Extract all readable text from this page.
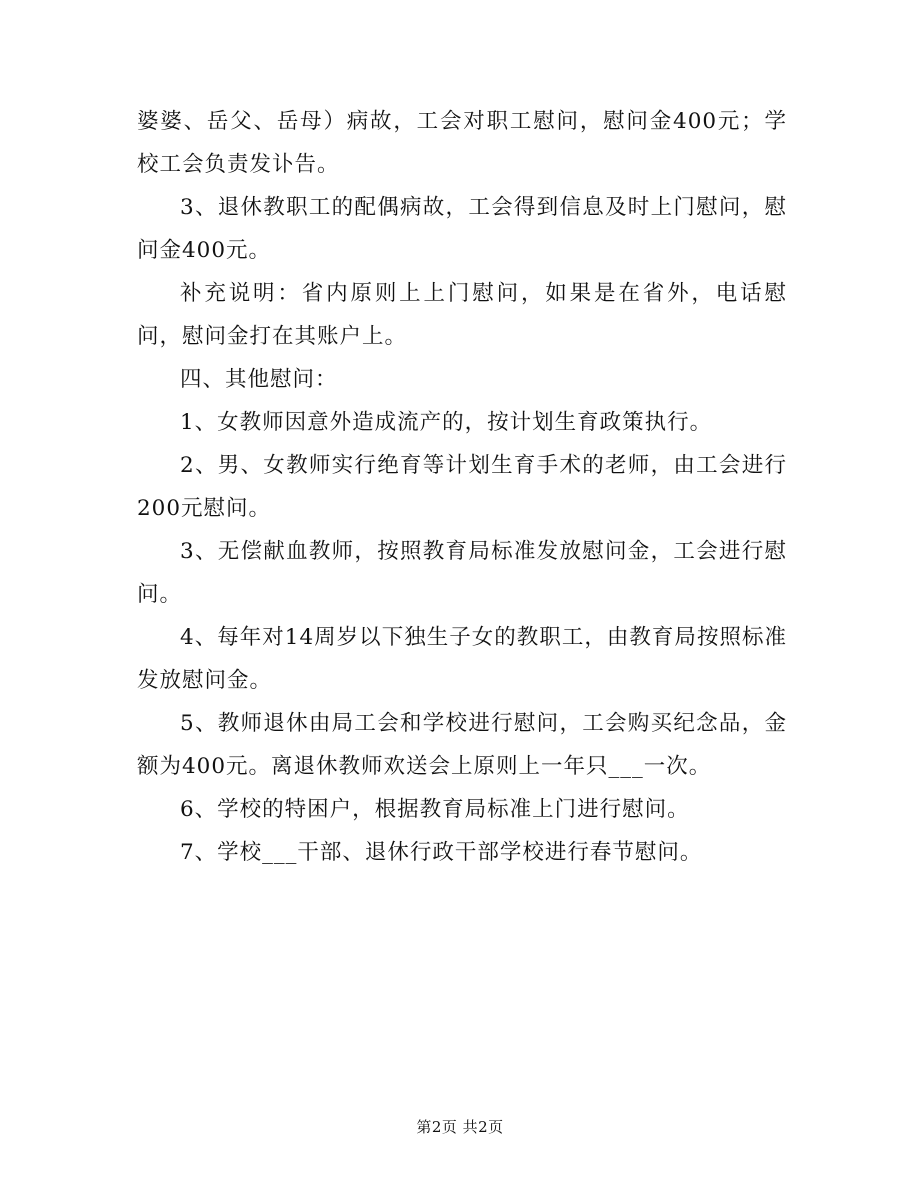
婆婆、岳父、岳母）病故，工会对职工慰问，慰问金400元；学校工会负责发讣告。

3、退休教职工的配偶病故，工会得到信息及时上门慰问，慰问金400元。

补充说明：省内原则上上门慰问，如果是在省外，电话慰问，慰问金打在其账户上。

四、其他慰问：

1、女教师因意外造成流产的，按计划生育政策执行。

2、男、女教师实行绝育等计划生育手术的老师，由工会进行200元慰问。

3、无偿献血教师，按照教育局标准发放慰问金，工会进行慰问。

4、每年对14周岁以下独生子女的教职工，由教育局按照标准发放慰问金。

5、教师退休由局工会和学校进行慰问，工会购买纪念品，金额为400元。离退休教师欢送会上原则上一年只___一次。

6、学校的特困户，根据教育局标准上门进行慰问。

7、学校___干部、退休行政干部学校进行春节慰问。

第2页 共2页
